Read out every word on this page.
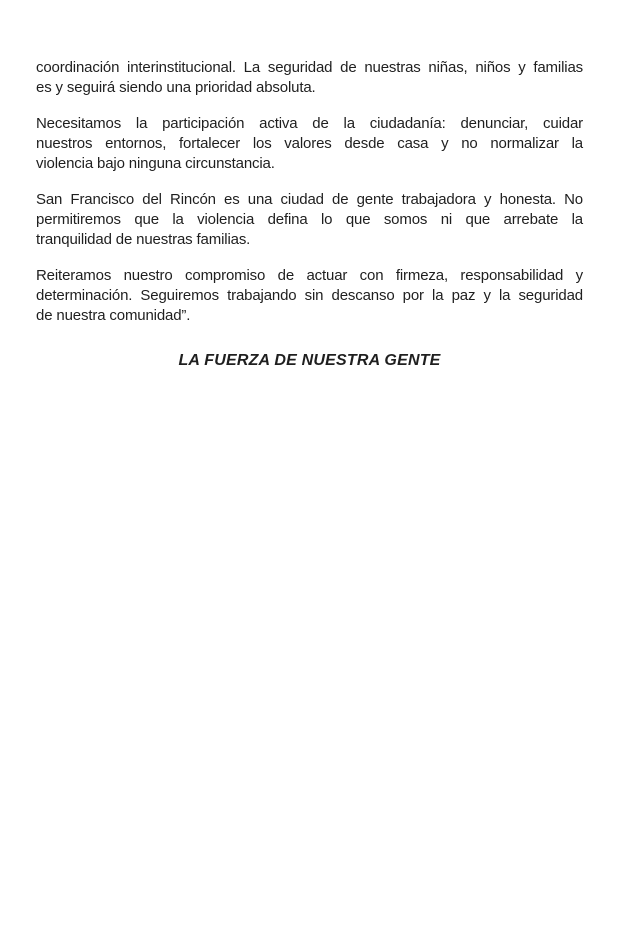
coordinación interinstitucional. La seguridad de nuestras niñas, niños y familias
es y seguirá siendo una prioridad absoluta.
Necesitamos la participación activa de la ciudadanía: denunciar, cuidar
nuestros entornos, fortalecer los valores desde casa y no normalizar la
violencia bajo ninguna circunstancia.
San Francisco del Rincón es una ciudad de gente trabajadora y honesta. No
permitiremos que la violencia defina lo que somos ni que arrebate la
tranquilidad de nuestras familias.
Reiteramos nuestro compromiso de actuar con firmeza, responsabilidad y
determinación. Seguiremos trabajando sin descanso por la paz y la seguridad
de nuestra comunidad”.
LA FUERZA DE NUESTRA GENTE
